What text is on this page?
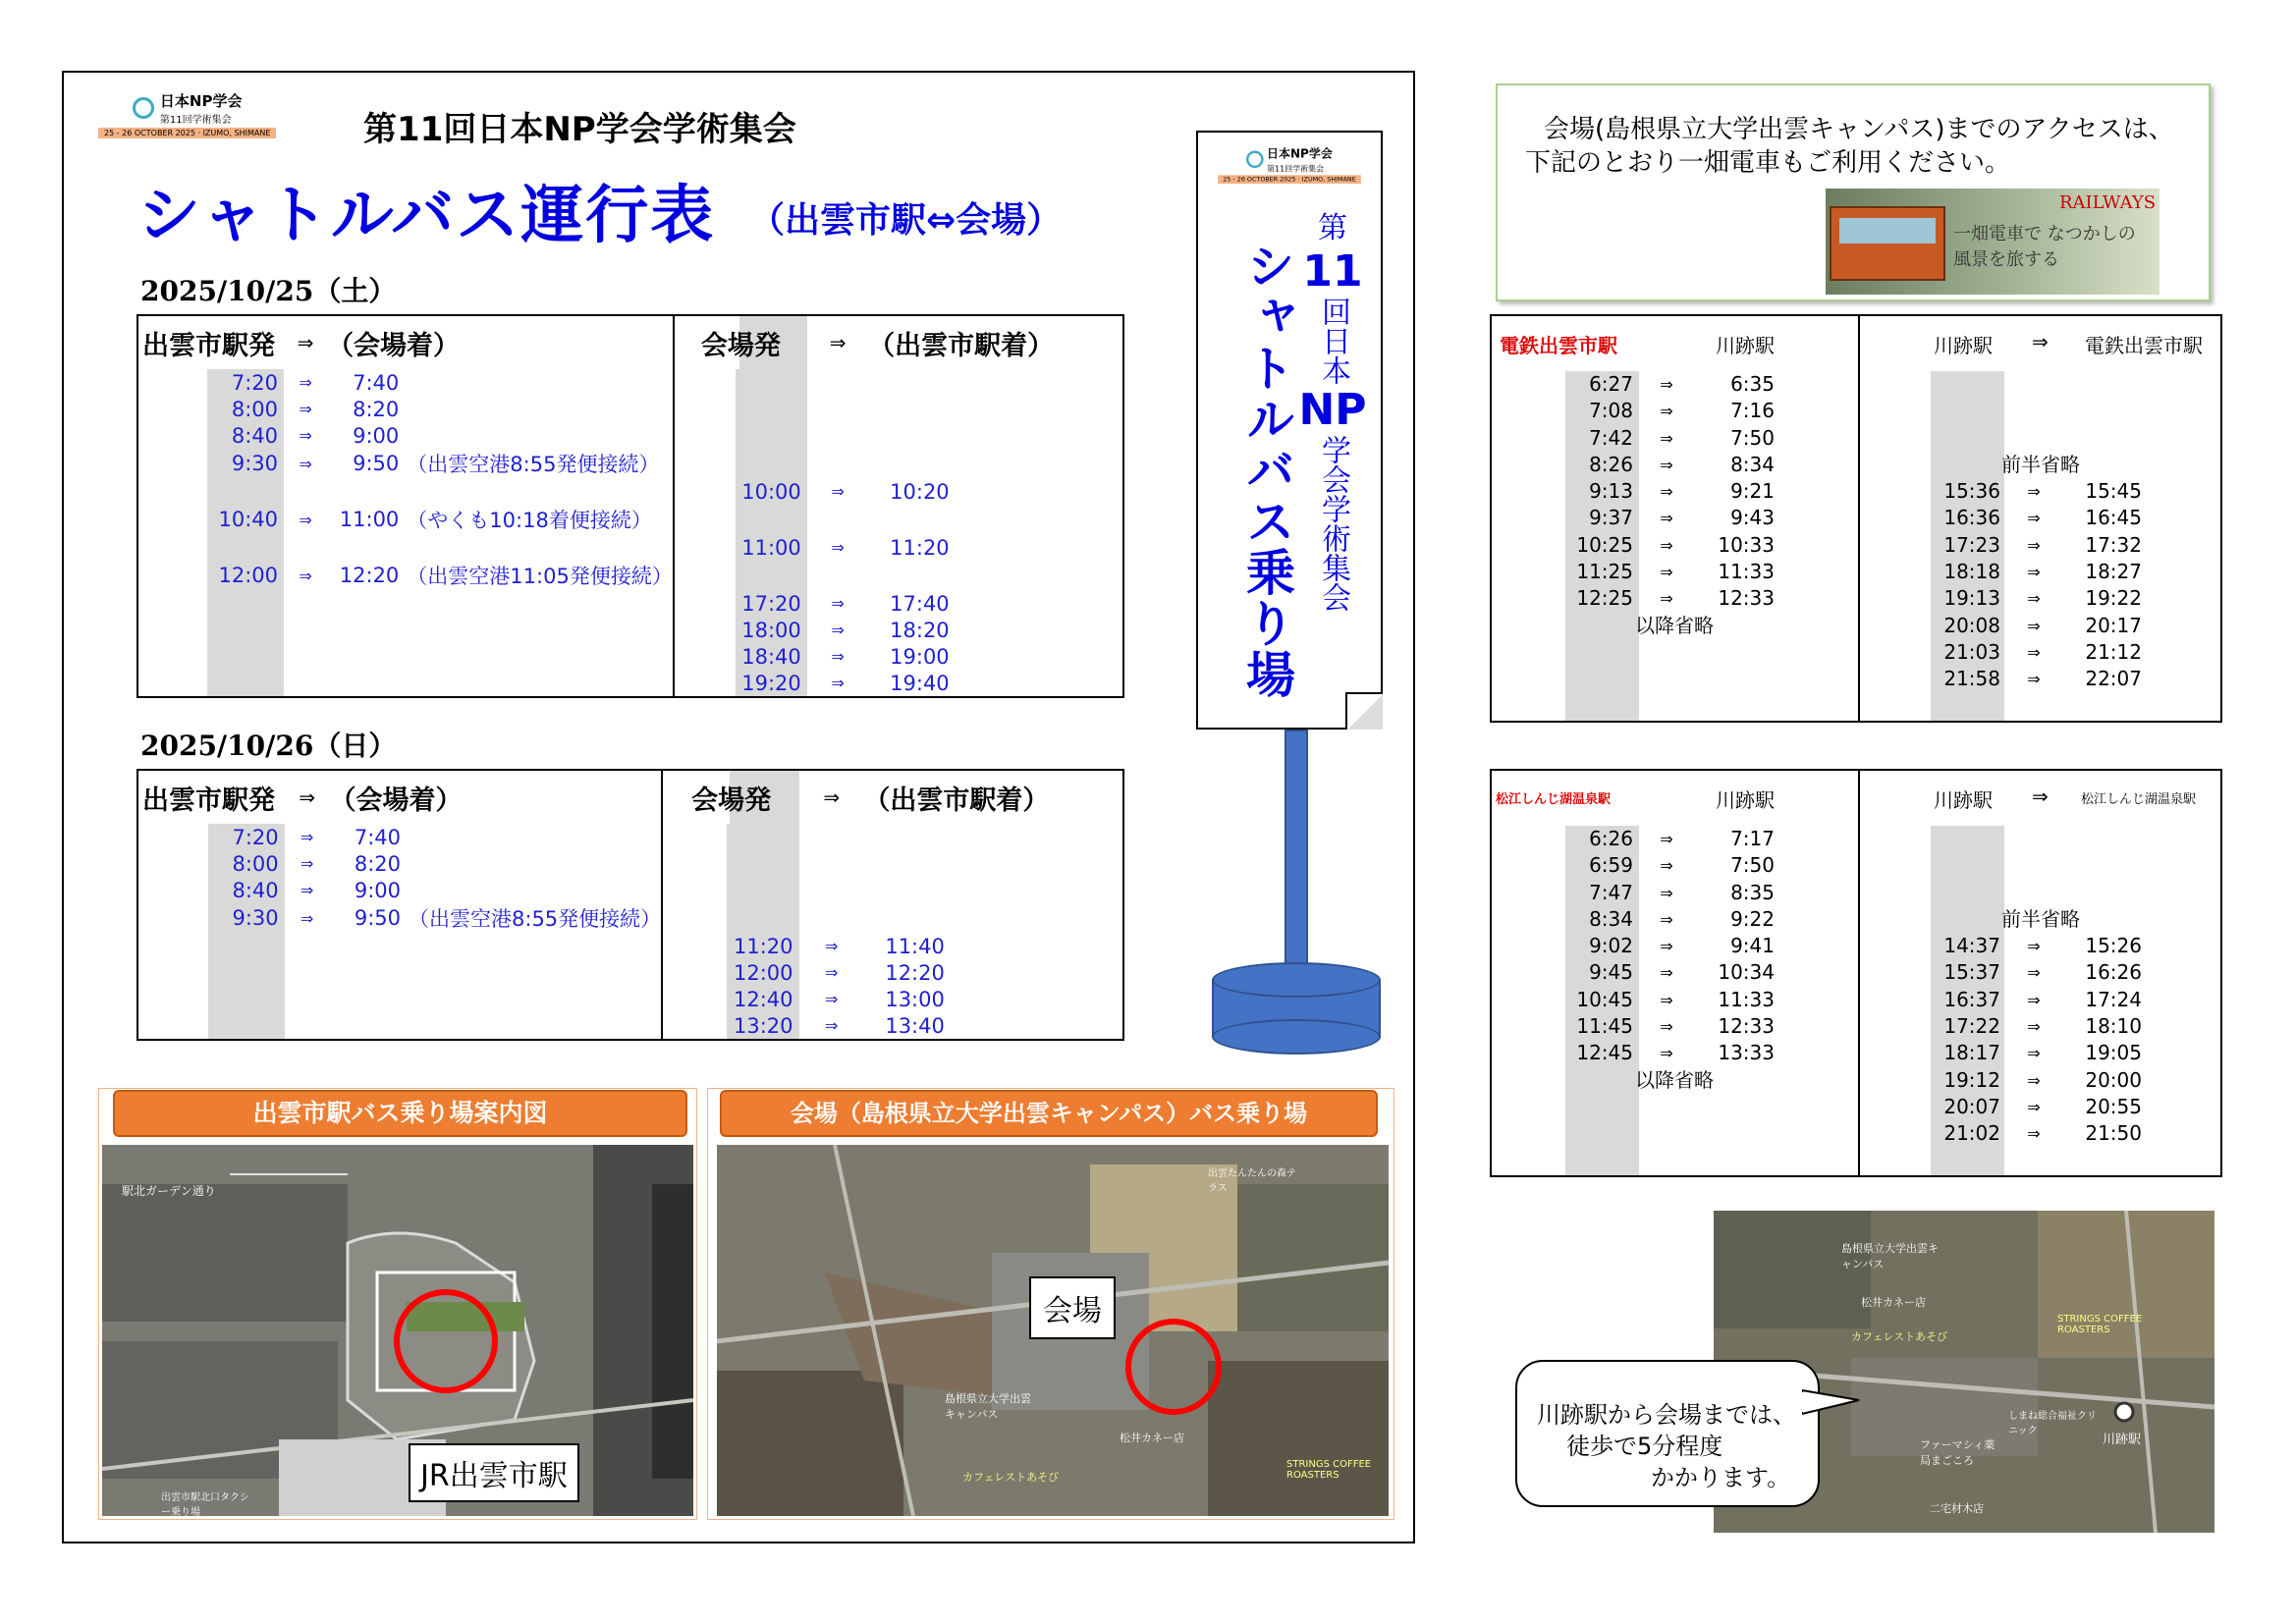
日本NP学会
第11回学術集会
25 - 26 OCTOBER 2025 · IZUMO, SHIMANE	第11回日本NP学会学術集会
シャトルバス運行表 （出雲市駅⇔会場）
2025/10/25（土）
出雲市駅発		⇒	（会場着）		会場発		⇒	（出雲市駅着）
	7:20	⇒	7:40					
	8:00	⇒	8:20					
	8:40	⇒	9:00					
	9:30	⇒	9:50	（出雲空港8:55発便接続）				
						10:00	⇒	10:20
	10:40	⇒	11:00	（やくも10:18着便接続）				
						11:00	⇒	11:20
	12:00	⇒	12:20	（出雲空港11:05発便接続）				
						17:20	⇒	17:40
						18:00	⇒	18:20
						18:40	⇒	19:00
						19:20	⇒	19:40
2025/10/26（日）
出雲市駅発		⇒	（会場着）		会場発		⇒	（出雲市駅着）
	7:20	⇒	7:40					
	8:00	⇒	8:20					
	8:40	⇒	9:00					
	9:30	⇒	9:50	（出雲空港8:55発便接続）				
						11:20	⇒	11:40
						12:00	⇒	12:20
						12:40	⇒	13:00
						13:20	⇒	13:40
日本NP学会
第11回学術集会
25 - 26 OCTOBER 2025 · IZUMO, SHIMANE
シャトルバス乗り場
第
11
回日本
NP
学会学術集会
出雲市駅バス乗り場案内図
駅北ガーデン通り
出雲市駅北口タクシー乗り場
JR出雲市駅
会場（島根県立大学出雲キャンパス）バス乗り場
会場
島根県立大学出雲キャンパス
松井カネー店
カフェレストあそび
STRINGS COFFEE ROASTERS
出雲たんたんの森テラス
会場(島根県立大学出雲キャンパス)までのアクセスは、
下記のとおり一畑電車もご利用ください。
RAILWAYS
一畑電車で なつかしの風景を旅する
電鉄出雲市駅	川跡駅	川跡駅 ⇒ 電鉄出雲市駅
6:27	⇒	6:35
7:08	⇒	7:16
7:42	⇒	7:50
8:26	⇒	8:34
9:13	⇒	9:21
9:37	⇒	9:43
10:25	⇒	10:33
11:25	⇒	11:33
12:25	⇒	12:33
以降省略
前半省略
15:36	⇒	15:45
16:36	⇒	16:45
17:23	⇒	17:32
18:18	⇒	18:27
19:13	⇒	19:22
20:08	⇒	20:17
21:03	⇒	21:12
21:58	⇒	22:07
松江しんじ湖温泉駅	川跡駅	川跡駅 ⇒	松江しんじ湖温泉駅
6:26	⇒	7:17
6:59	⇒	7:50
7:47	⇒	8:35
8:34	⇒	9:22
9:02	⇒	9:41
9:45	⇒	10:34
10:45	⇒	11:33
11:45	⇒	12:33
12:45	⇒	13:33
以降省略
前半省略
14:37	⇒	15:26
15:37	⇒	16:26
16:37	⇒	17:24
17:22	⇒	18:10
18:17	⇒	19:05
19:12	⇒	20:00
20:07	⇒	20:55
21:02	⇒	21:50
島根県立大学出雲キャンパス
松井カネー店
STRINGS COFFEE ROASTERS
カフェレストあそび
ファーマシィ薬局まごころ
しまね総合福祉クリニック
二宅材木店
川跡駅
川跡駅から会場までは、
徒歩で5分程度
かかります。
